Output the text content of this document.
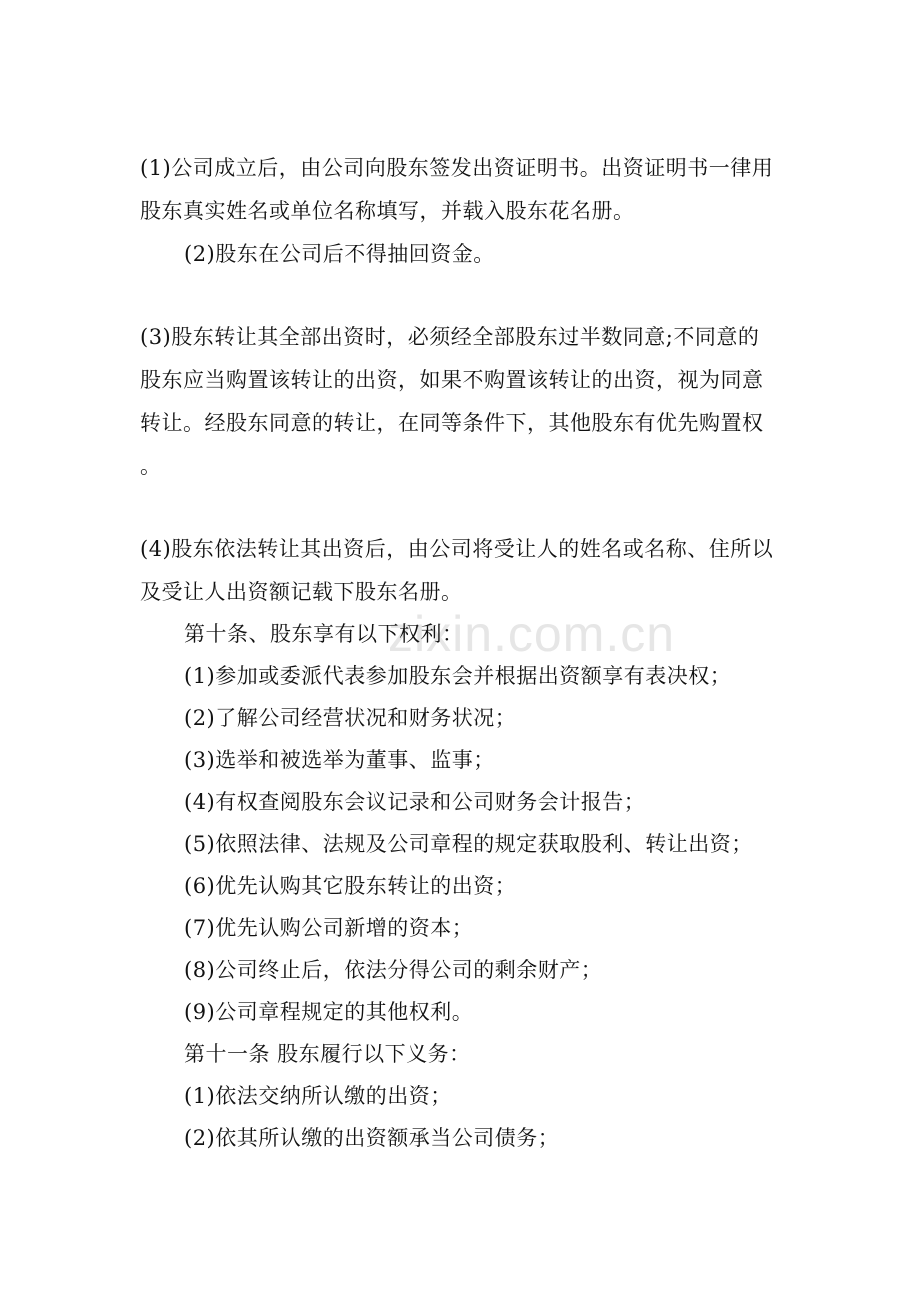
zixin.com.cn
(1)公司成立后，由公司向股东签发出资证明书。出资证明书一律用
股东真实姓名或单位名称填写，并载入股东花名册。
(2)股东在公司后不得抽回资金。
(3)股东转让其全部出资时，必须经全部股东过半数同意;不同意的
股东应当购置该转让的出资，如果不购置该转让的出资，视为同意
转让。经股东同意的转让，在同等条件下，其他股东有优先购置权
。
(4)股东依法转让其出资后，由公司将受让人的姓名或名称、住所以
及受让人出资额记载下股东名册。
第十条、股东享有以下权利：
(1)参加或委派代表参加股东会并根据出资额享有表决权；
(2)了解公司经营状况和财务状况；
(3)选举和被选举为董事、监事；
(4)有权查阅股东会议记录和公司财务会计报告；
(5)依照法律、法规及公司章程的规定获取股利、转让出资；
(6)优先认购其它股东转让的出资；
(7)优先认购公司新增的资本；
(8)公司终止后，依法分得公司的剩余财产；
(9)公司章程规定的其他权利。
第十一条 股东履行以下义务：
(1)依法交纳所认缴的出资；
(2)依其所认缴的出资额承当公司债务；
